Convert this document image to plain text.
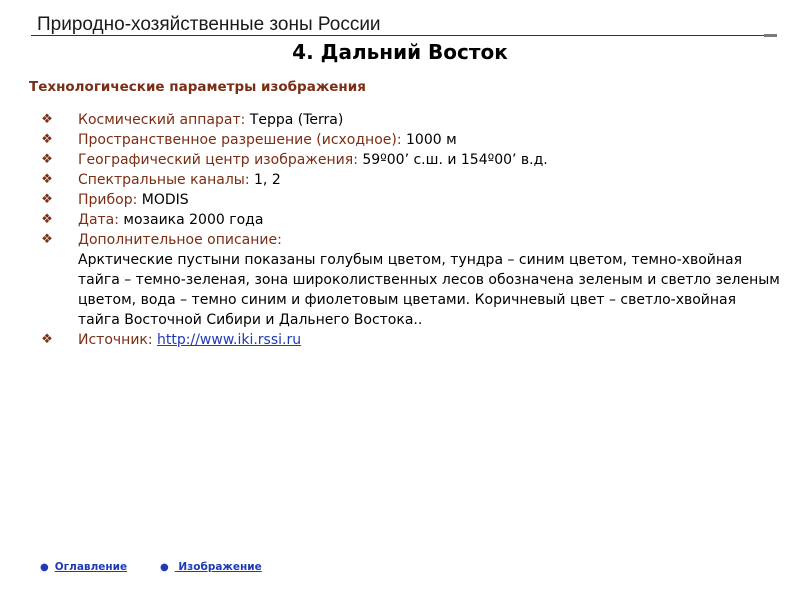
Природно-хозяйственные зоны России
4. Дальний Восток
Технологические параметры изображения
❖ Космический аппарат: Терра (Terra)
❖ Пространственное разрешение (исходное): 1000 м
❖ Географический центр изображения: 59º00’ с.ш. и 154º00’ в.д.
❖ Спектральные каналы: 1, 2
❖ Прибор: MODIS
❖ Дата: мозаика 2000 года
❖ Дополнительное описание:
Арктические пустыни показаны голубым цветом, тундра – синим цветом, темно-хвойная тайга – темно-зеленая, зона широколиственных лесов обозначена зеленым и светло зеленым цветом, вода – темно синим и фиолетовым цветами. Коричневый цвет – светло-хвойная тайга Восточной Сибири и Дальнего Востока..
❖ Источник: http://www.iki.rssi.ru
● Оглавление	● Изображение
